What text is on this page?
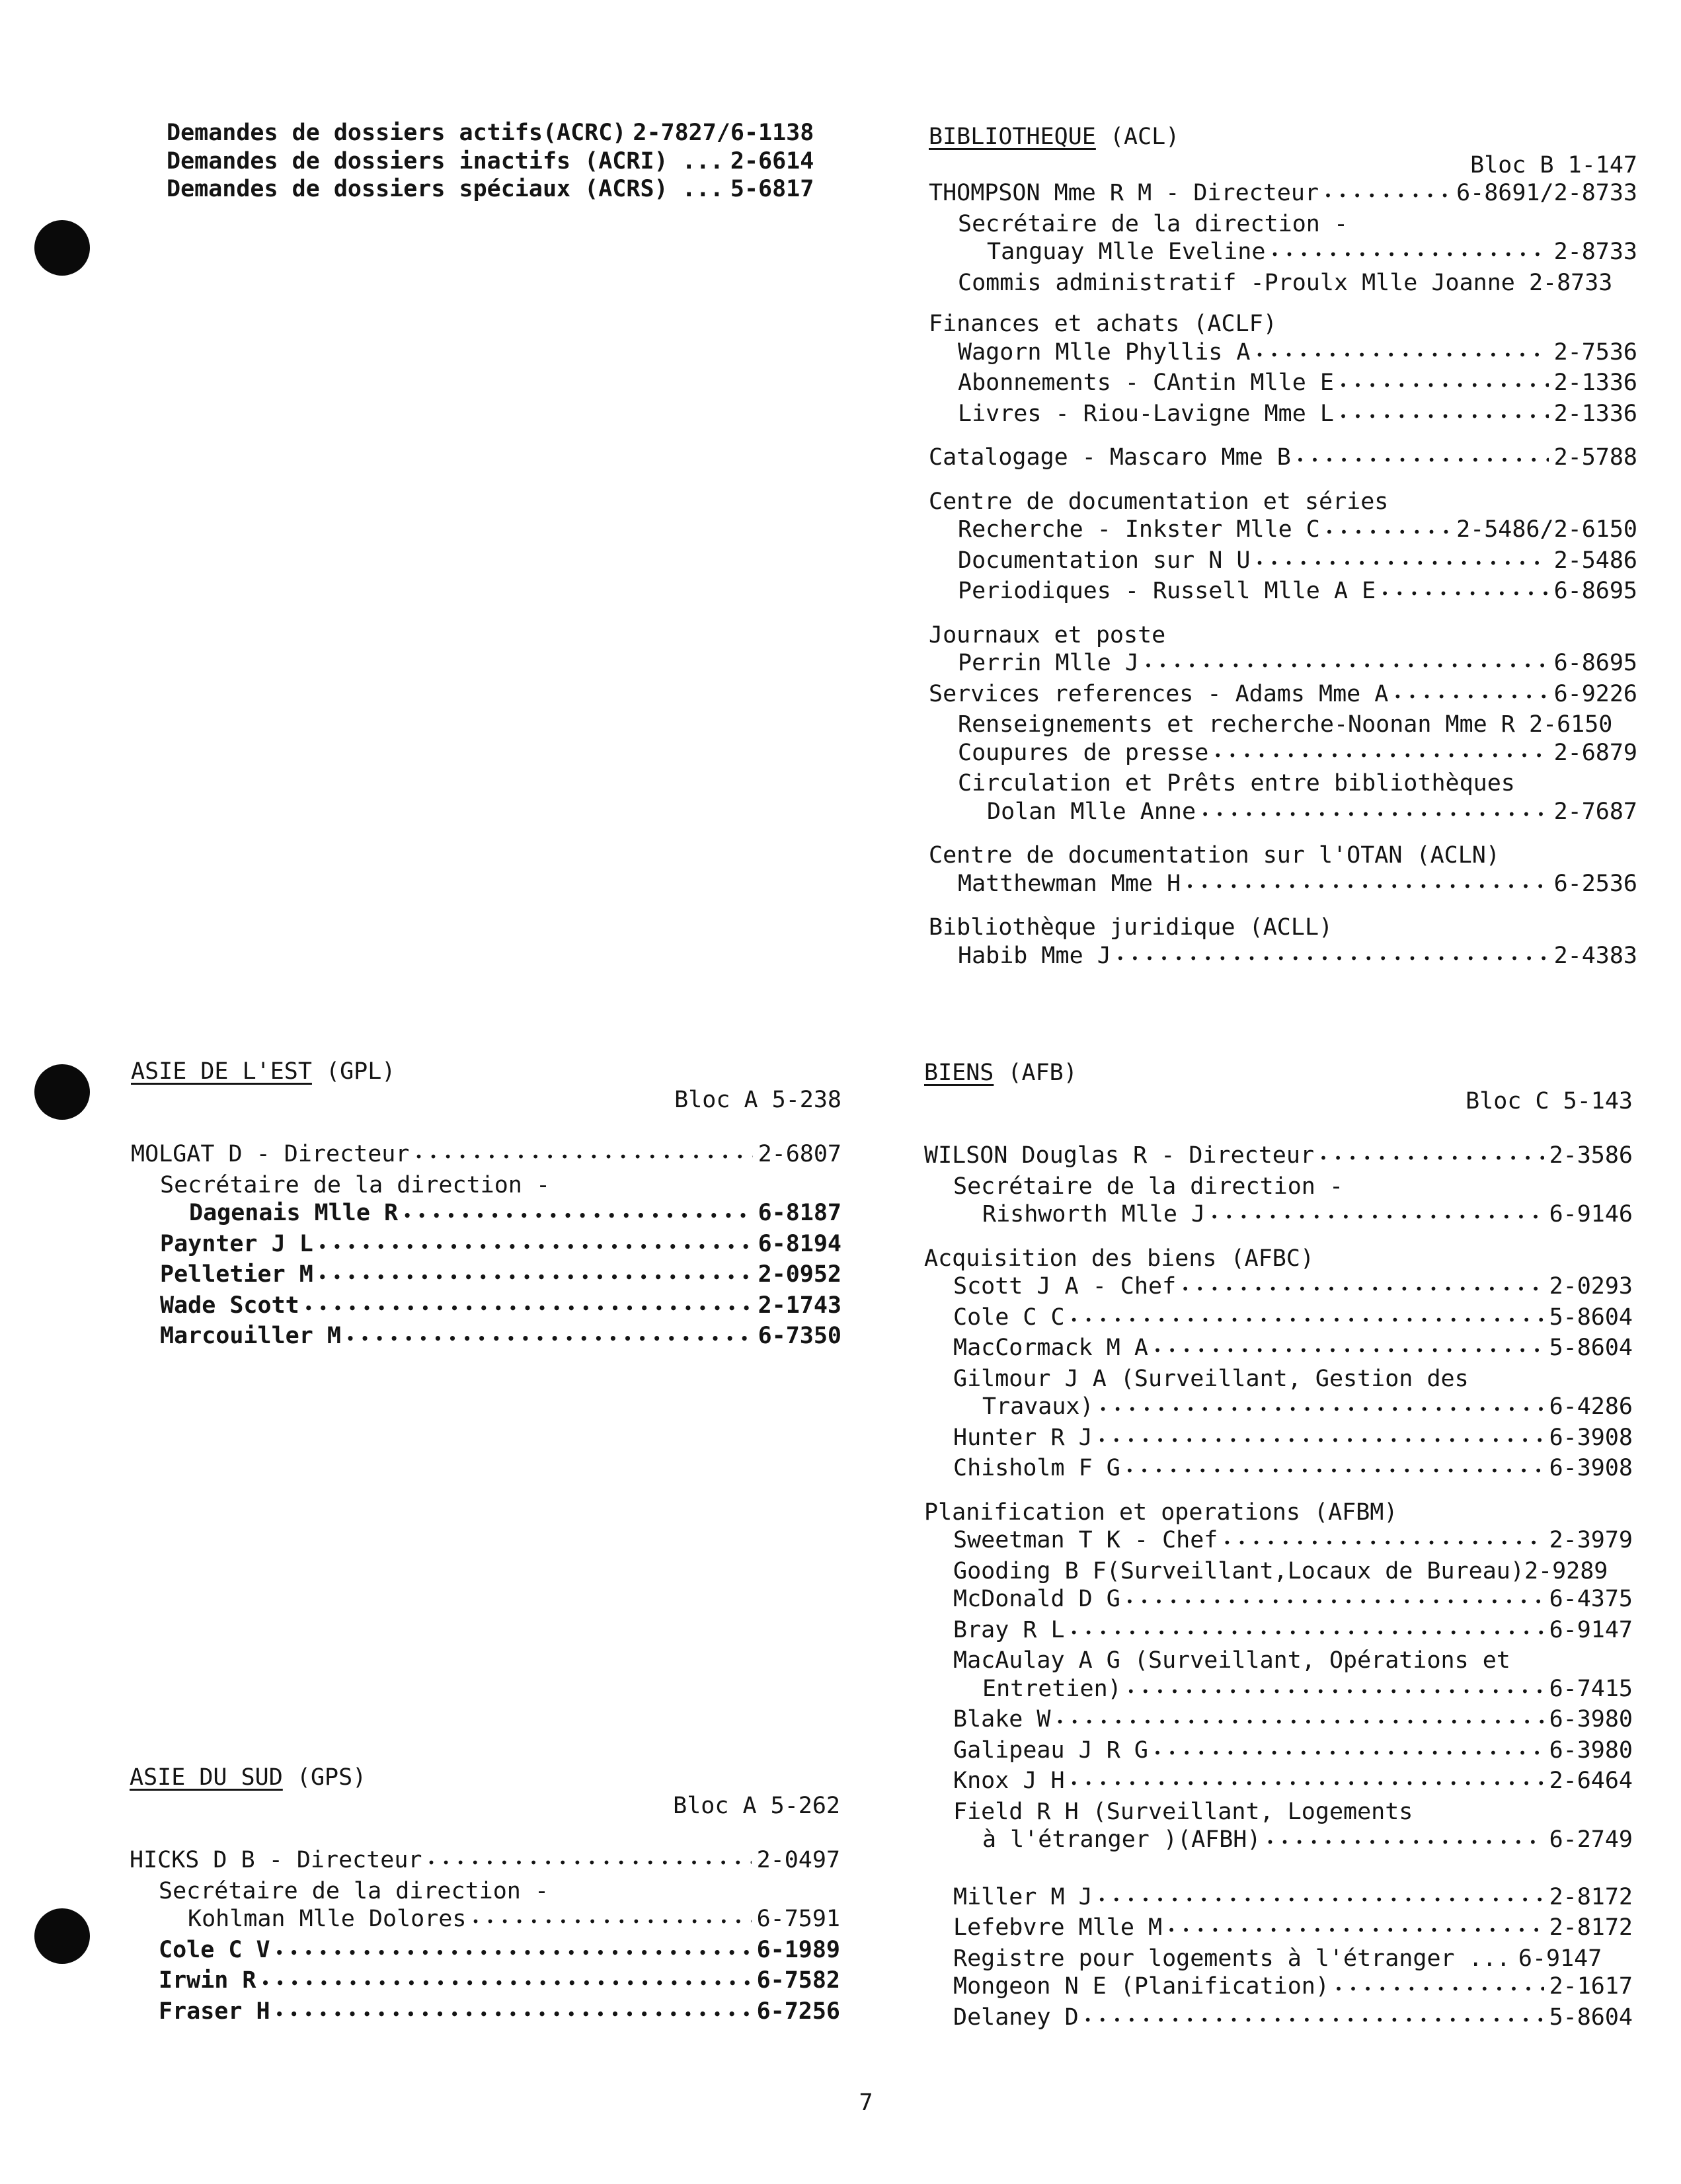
Demandes de dossiers actifs(ACRC) 2-7827/6-1138
Demandes de dossiers inactifs (ACRI) ... 2-6614
Demandes de dossiers spéciaux (ACRS) ... 5-6817
BIBLIOTHEQUE (ACL)
Bloc B 1-147
THOMPSON Mme R M - Directeur • • •	6-8691/2-8733
Secrétaire de la direction -
Tanguay Mlle Eveline • • •	2-8733
Commis administratif -Proulx Mlle Joanne 2-8733
Finances et achats (ACLF)
Wagorn Mlle Phyllis A • • •	2-7536
Abonnements - CAntin Mlle E • • •	2-1336
Livres - Riou-Lavigne Mme L • • •	2-1336
Catalogage - Mascaro Mme B • • •	2-5788
Centre de documentation et séries
Recherche - Inkster Mlle C • • •	2-5486/2-6150
Documentation sur N U • • •	2-5486
Periodiques - Russell Mlle A E • • •	6-8695
Journaux et poste
Perrin Mlle J • • •	6-8695
Services references - Adams Mme A • • •	6-9226
Renseignements et recherche-Noonan Mme R 2-6150
Coupures de presse • • •	2-6879
Circulation et Prêts entre bibliothèques
Dolan Mlle Anne • • •	2-7687
Centre de documentation sur l'OTAN (ACLN)
Matthewman Mme H • • •	6-2536
Bibliothèque juridique (ACLL)
Habib Mme J • • •	2-4383
ASIE DE L'EST (GPL)
Bloc A 5-238
MOLGAT D - Directeur • • •	2-6807
Secrétaire de la direction -
Dagenais Mlle R • • •	6-8187
Paynter J L • • •	6-8194
Pelletier M • • •	2-0952
Wade Scott • • •	2-1743
Marcouiller M • • •	6-7350
ASIE DU SUD (GPS)
Bloc A 5-262
HICKS D B - Directeur • • •	2-0497
Secrétaire de la direction -
Kohlman Mlle Dolores • • •	6-7591
Cole C V • • •	6-1989
Irwin R • • •	6-7582
Fraser H • • •	6-7256
BIENS (AFB)
Bloc C 5-143
WILSON Douglas R - Directeur • • •	2-3586
Secrétaire de la direction -
Rishworth Mlle J • • •	6-9146
Acquisition des biens (AFBC)
Scott J A - Chef • • •	2-0293
Cole C C • • •	5-8604
MacCormack M A • • •	5-8604
Gilmour J A (Surveillant, Gestion des
Travaux) • • •	6-4286
Hunter R J • • •	6-3908
Chisholm F G • • •	6-3908
Planification et operations (AFBM)
Sweetman T K - Chef • • •	2-3979
Gooding B F(Surveillant,Locaux de Bureau)2-9289
McDonald D G • • •	6-4375
Bray R L • • •	6-9147
MacAulay A G (Surveillant, Opérations et
Entretien) • • •	6-7415
Blake W • • •	6-3980
Galipeau J R G • • •	6-3980
Knox J H • • •	2-6464
Field R H (Surveillant, Logements
à l'étranger )(AFBH) • • •	6-2749
Miller M J • • •	2-8172
Lefebvre Mlle M • • •	2-8172
Registre pour logements à l'étranger ... 6-9147
Mongeon N E (Planification) • • •	2-1617
Delaney D • • •	5-8604
7
